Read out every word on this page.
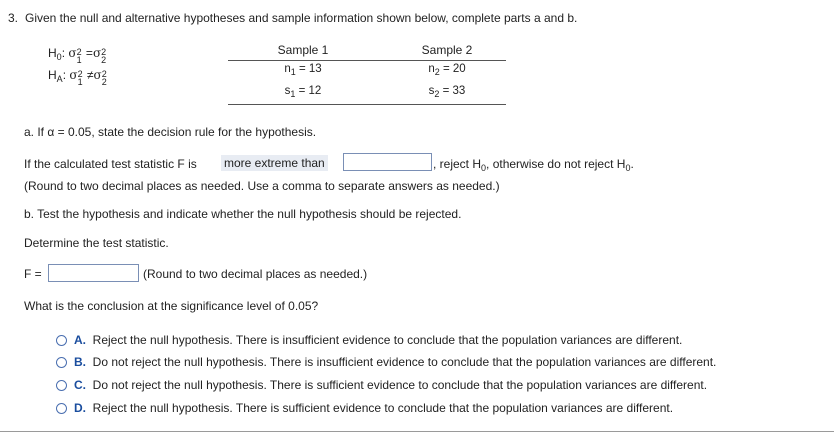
3. Given the null and alternative hypotheses and sample information shown below, complete parts a and b.
$H_0$: σ 2
1 =σ 2
2
$H_A$: σ 2
1 ≠σ 2
2
Sample 1	Sample 2
$n_1 = 13$	$n_2 = 20$
$s_1 = 12$	$s_2 = 33$
a. If α = 0.05, state the decision rule for the hypothesis.
If the calculated test statistic F is more extreme than	, reject $H_0$, otherwise do not reject $H_0$.
(Round to two decimal places as needed. Use a comma to separate answers as needed.)
b. Test the hypothesis and indicate whether the null hypothesis should be rejected.
Determine the test statistic.
F =	(Round to two decimal places as needed.)
What is the conclusion at the significance level of 0.05?
A. Reject the null hypothesis. There is insufficient evidence to conclude that the population variances are different.
B. Do not reject the null hypothesis. There is insufficient evidence to conclude that the population variances are different.
C. Do not reject the null hypothesis. There is sufficient evidence to conclude that the population variances are different.
D. Reject the null hypothesis. There is sufficient evidence to conclude that the population variances are different.
